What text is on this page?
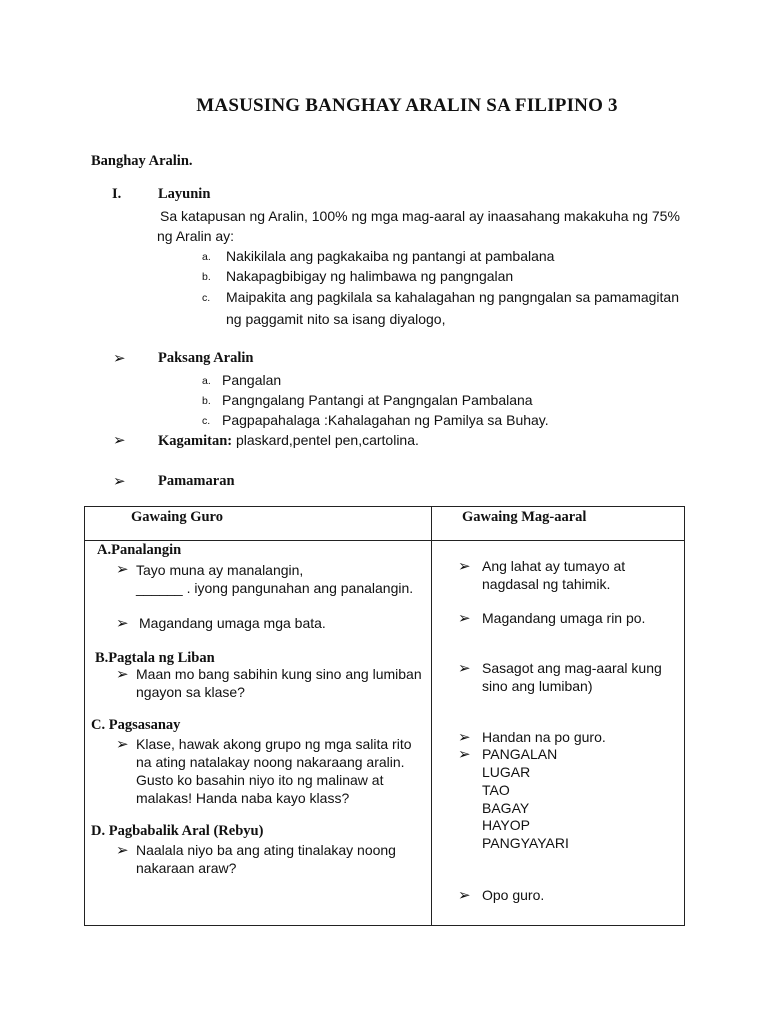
MASUSING BANGHAY ARALIN SA FILIPINO 3
Banghay Aralin.
I.	Layunin
Sa katapusan ng Aralin, 100% ng mga mag-aaral ay inaasahang makakuha ng 75%
ng Aralin ay:
a. Nakikilala ang pagkakaiba ng pantangi at pambalana
b. Nakapagbibigay ng halimbawa ng pangngalan
c. Maipakita ang pagkilala sa kahalagahan ng pangngalan sa pamamagitan
ng paggamit nito sa isang diyalogo,
➢ Paksang Aralin
a. Pangalan
b. Pangngalang Pantangi at Pangngalan Pambalana
c. Pagpapahalaga :Kahalagahan ng Pamilya sa Buhay.
➢ Kagamitan: plaskard,pentel pen,cartolina.
➢ Pamamaran
Gawaing Guro	Gawaing Mag-aaral
A.Panalangin
➢ Tayo muna ay manalangin,
______ . iyong pangunahan ang panalangin.
➢ Magandang umaga mga bata.
B.Pagtala ng Liban
➢ Maan mo bang sabihin kung sino ang lumiban
ngayon sa klase?
C. Pagsasanay
➢ Klase, hawak akong grupo ng mga salita rito
na ating natalakay noong nakaraang aralin.
Gusto ko basahin niyo ito ng malinaw at
malakas! Handa naba kayo klass?
D. Pagbabalik Aral (Rebyu)
➢ Naalala niyo ba ang ating tinalakay noong
nakaraan araw?
➢ Ang lahat ay tumayo at
nagdasal ng tahimik.
➢ Magandang umaga rin po.
➢ Sasagot ang mag-aaral kung
sino ang lumiban)
➢ Handan na po guro.
➢ PANGALAN
LUGAR
TAO
BAGAY
HAYOP
PANGYAYARI
➢ Opo guro.
